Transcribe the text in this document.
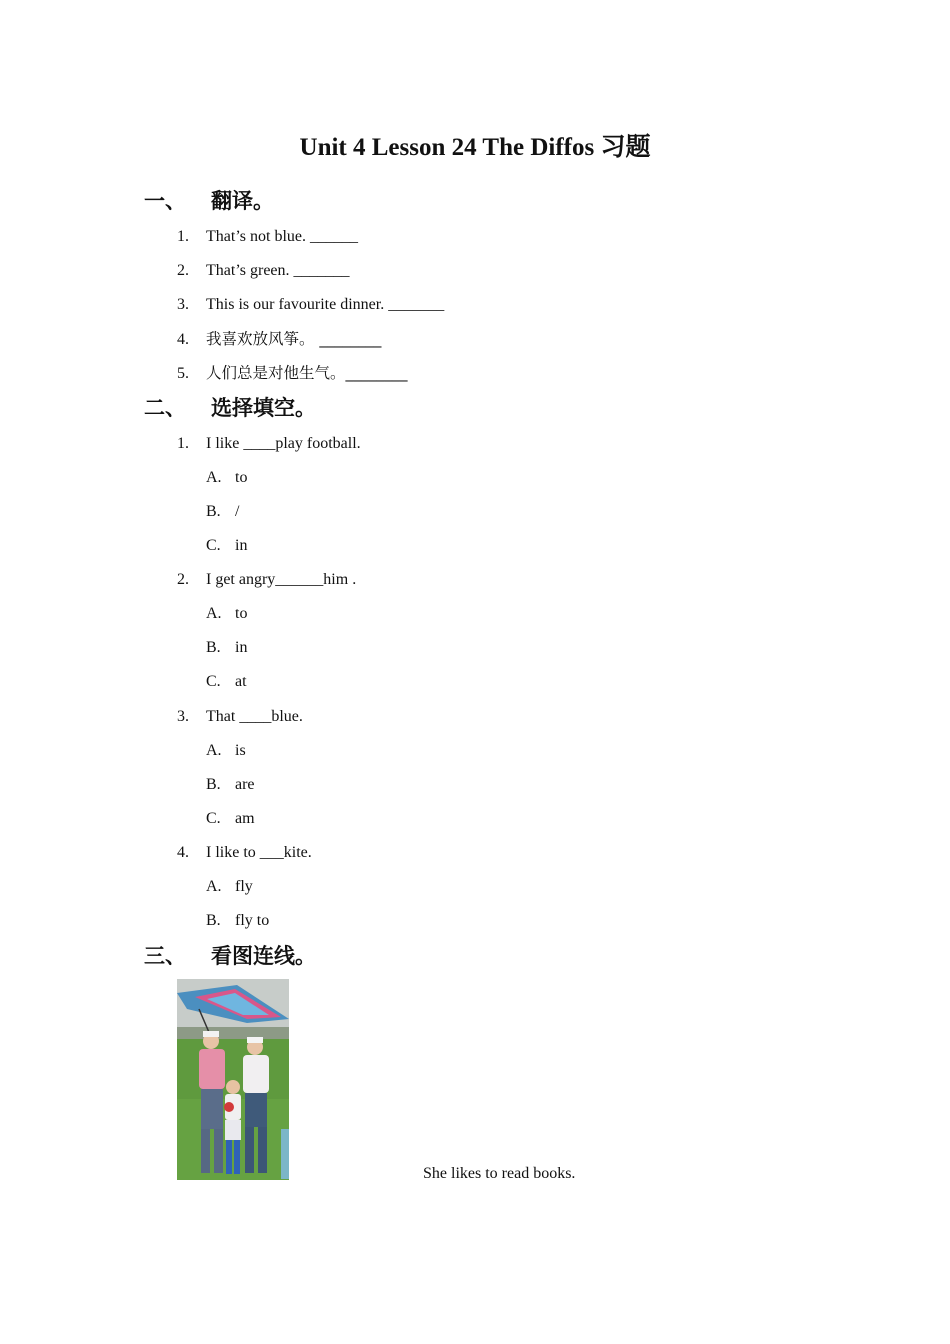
Unit 4 Lesson 24 The Diffos 习题
一、 翻译。
1. That’s not blue. ______
2. That’s green. _______
3. This is our favourite dinner. _______
4. 我喜欢放风筝。 ________
5. 人们总是对他生气。________
二、 选择填空。
1. I like ____play football.
A. to
B. /
C. in
2. I get angry______him .
A. to
B. in
C. at
3. That ____blue.
A. is
B. are
C. am
4. I like to ___kite.
A. fly
B. fly to
三、 看图连线。
She likes to read books.
